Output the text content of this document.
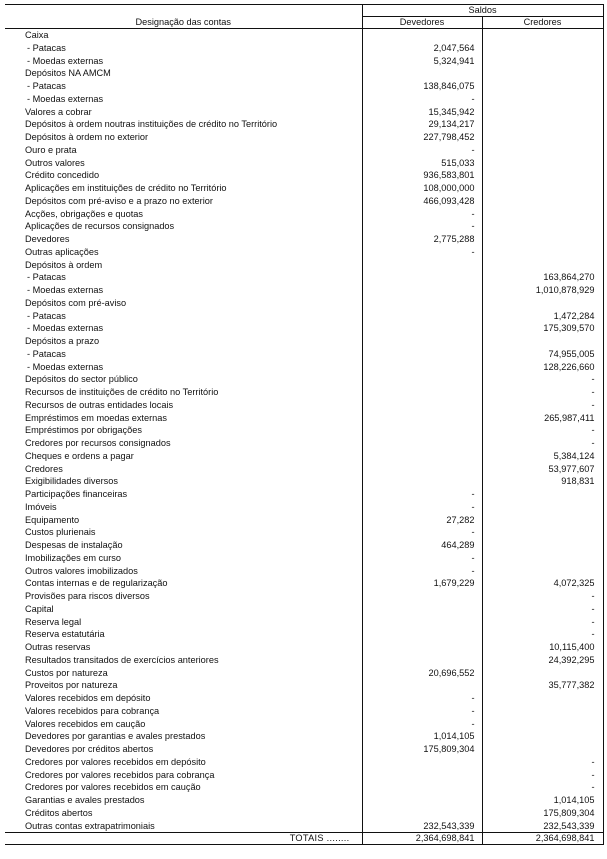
Designação das contas	Saldos	
	Devedores	Credores
Caixa		
- Patacas	2,047,564	
- Moedas externas	5,324,941	
Depósitos NA AMCM		
- Patacas	138,846,075	
- Moedas externas	-	
Valores a cobrar	15,345,942	
Depósitos à ordem noutras instituições de crédito no Território	29,134,217	
Depósitos à ordem no exterior	227,798,452	
Ouro e prata	-	
Outros valores	515,033	
Crédito concedido	936,583,801	
Aplicações em instituições de crédito no Território	108,000,000	
Depósitos com pré-aviso e a prazo no exterior	466,093,428	
Acções, obrigações e quotas	-	
Aplicações de recursos consignados	-	
Devedores	2,775,288	
Outras aplicações	-	
Depósitos à ordem		
- Patacas		163,864,270
- Moedas externas		1,010,878,929
Depósitos com pré-aviso		
- Patacas		1,472,284
- Moedas externas		175,309,570
Depósitos a prazo		
- Patacas		74,955,005
- Moedas externas		128,226,660
Depósitos do sector público		-
Recursos de instituições de crédito no Território		-
Recursos de outras entidades locais		-
Empréstimos em moedas externas		265,987,411
Empréstimos por obrigações		-
Credores por recursos consignados		-
Cheques e ordens a pagar		5,384,124
Credores		53,977,607
Exigibilidades diversos		918,831
Participações financeiras	-	
Imóveis	-	
Equipamento	27,282	
Custos plurienais	-	
Despesas de instalação	464,289	
Imobilizações em curso	-	
Outros valores imobilizados	-	
Contas internas e de regularização	1,679,229	4,072,325
Provisões para riscos diversos		-
Capital		-
Reserva legal		-
Reserva estatutária		-
Outras reservas		10,115,400
Resultados transitados de exercícios anteriores		24,392,295
Custos por natureza	20,696,552	
Proveitos por natureza		35,777,382
Valores recebidos em depósito	-	
Valores recebidos para cobrança	-	
Valores recebidos em caução	-	
Devedores por garantias e avales prestados	1,014,105	
Devedores por créditos abertos	175,809,304	
Credores por valores recebidos em depósito		-
Credores por valores recebidos para cobrança		-
Credores por valores recebidos em caução		-
Garantias e avales prestados		1,014,105
Créditos abertos		175,809,304
Outras contas extrapatrimoniais	232,543,339	232,543,339
TOTAIS ........	2,364,698,841	2,364,698,841
